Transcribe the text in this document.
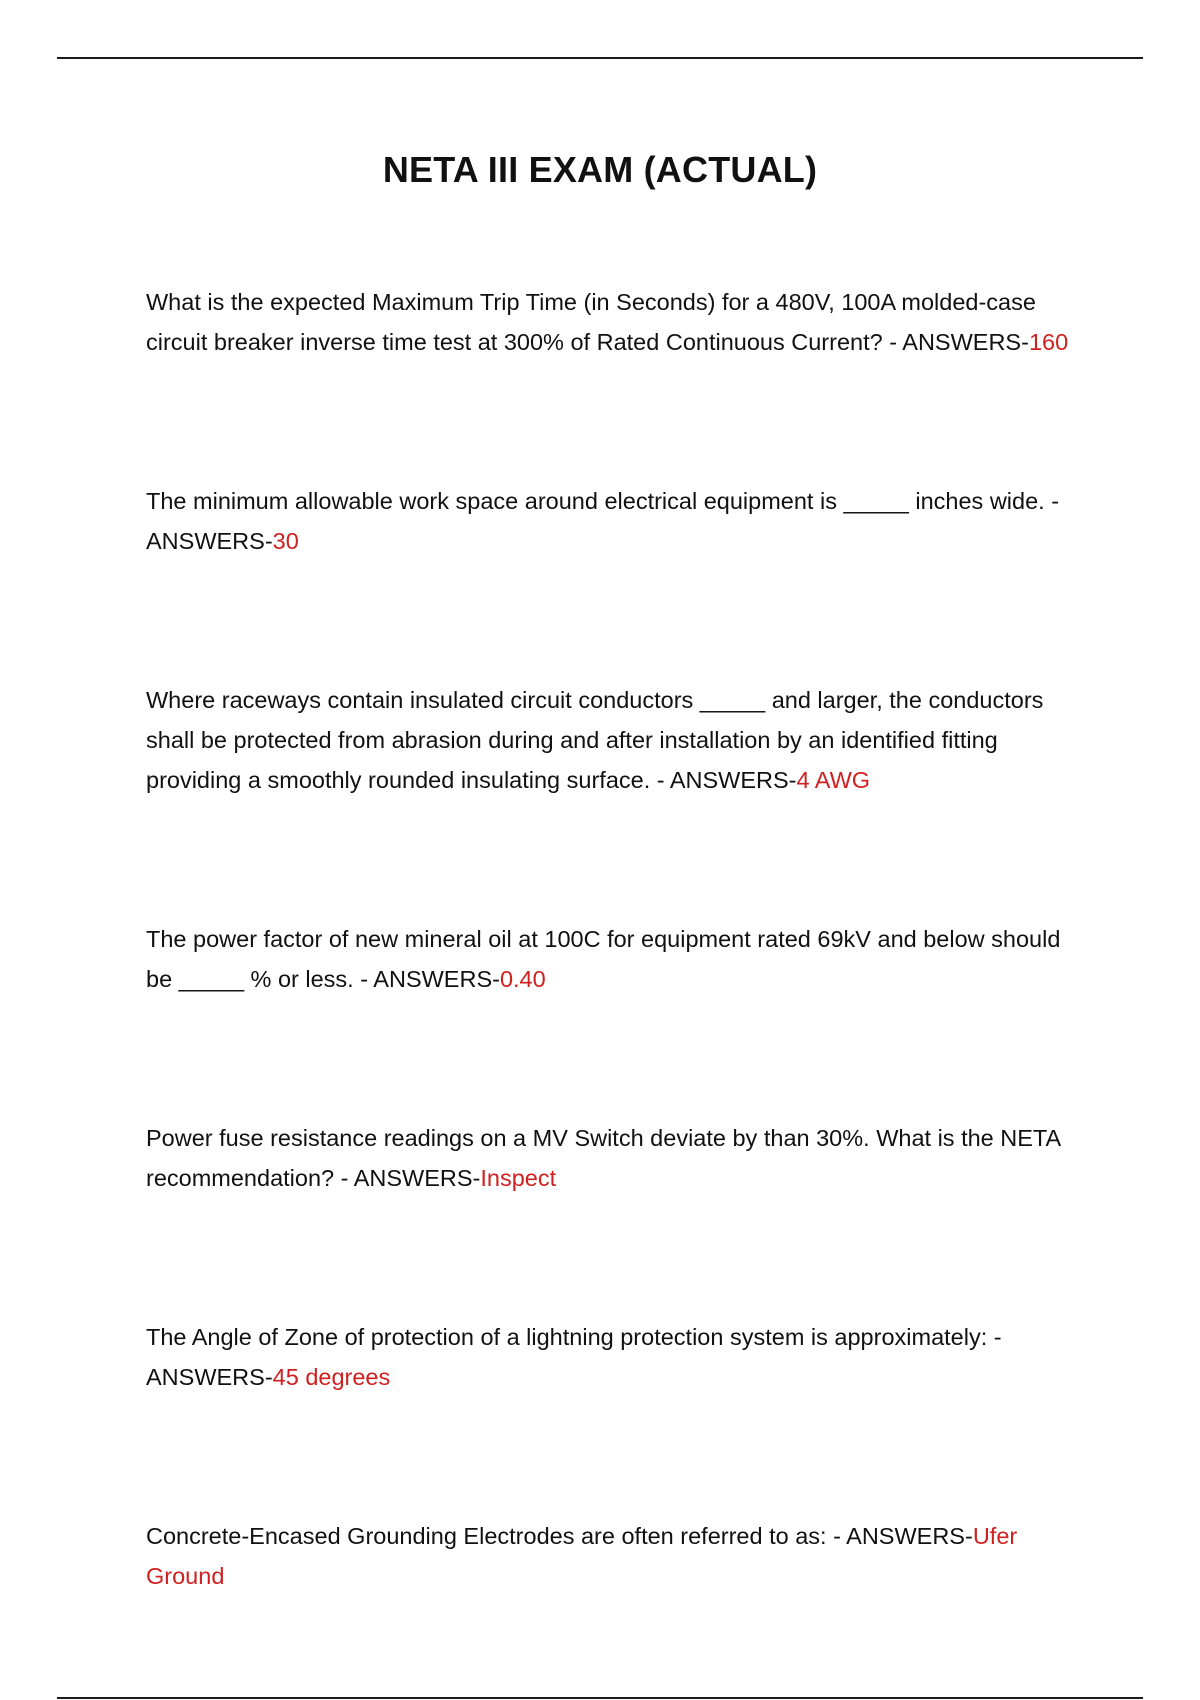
NETA III EXAM (ACTUAL)
What is the expected Maximum Trip Time (in Seconds) for a 480V, 100A molded-case circuit breaker inverse time test at 300% of Rated Continuous Current? - ANSWERS-160
The minimum allowable work space around electrical equipment is _____ inches wide. - ANSWERS-30
Where raceways contain insulated circuit conductors _____ and larger, the conductors shall be protected from abrasion during and after installation by an identified fitting providing a smoothly rounded insulating surface. - ANSWERS-4 AWG
The power factor of new mineral oil at 100C for equipment rated 69kV and below should be _____ % or less. - ANSWERS-0.40
Power fuse resistance readings on a MV Switch deviate by than 30%. What is the NETA recommendation? - ANSWERS-Inspect
The Angle of Zone of protection of a lightning protection system is approximately: - ANSWERS-45 degrees
Concrete-Encased Grounding Electrodes are often referred to as: - ANSWERS-Ufer Ground
